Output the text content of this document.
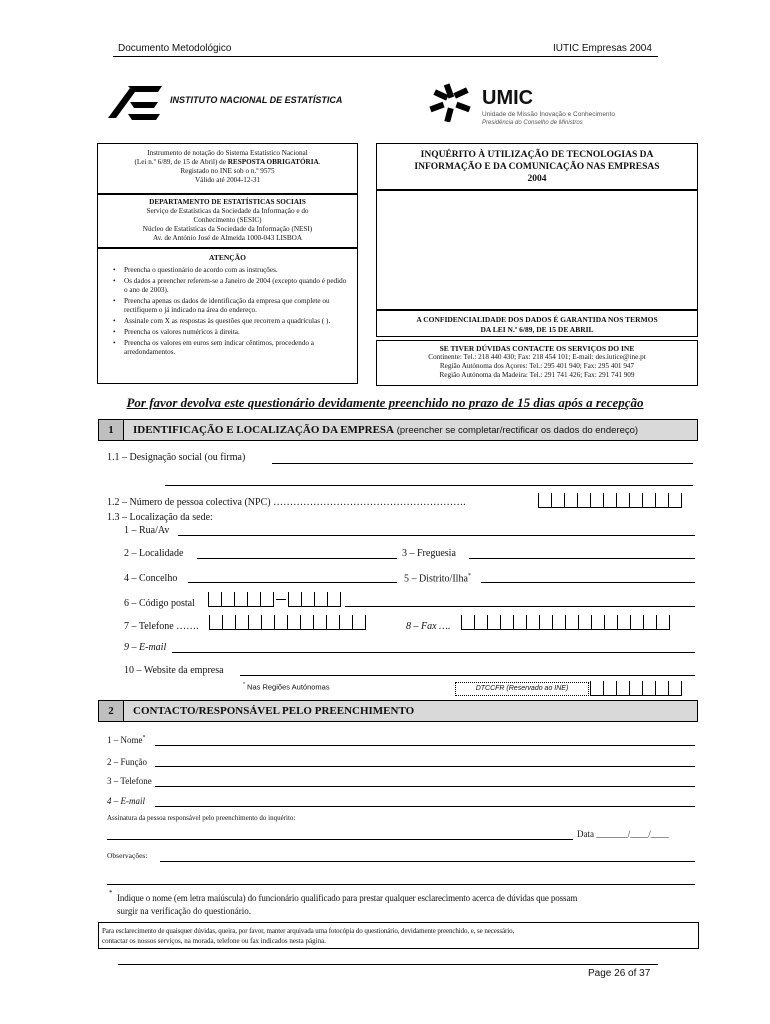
Documento Metodológico	IUTIC Empresas 2004
INSTITUTO NACIONAL DE ESTATÍSTICA	UMIC
Unidade de Missão Inovação e Conhecimento
Presidência do Conselho de Ministros
Instrumento de notação do Sistema Estatístico Nacional
(Lei n.º 6/89, de 15 de Abril) de RESPOSTA OBRIGATÓRIA.
Registado no INE sob o n.º 9575
Válido até 2004-12-31
DEPARTAMENTO DE ESTATÍSTICAS SOCIAIS
Serviço de Estatísticas da Sociedade da Informação e do
Conhecimento (SESIC)
Núcleo de Estatísticas da Sociedade da Informação (NESI)
Av. de António José de Almeida 1000-043 LISBOA
ATENÇÃO
• Preencha o questionário de acordo com as instruções.
• Os dados a preencher referem-se a Janeiro de 2004 (excepto quando é pedido o ano de 2003).
• Preencha apenas os dados de identificação da empresa que complete ou rectifiquem o já indicado na área do endereço.
• Assinale com X as respostas às questões que recorrem a quadrículas ( ).
• Preencha os valores numéricos à direita.
• Preencha os valores em euros sem indicar cêntimos, procedendo a arredondamentos.
INQUÉRITO À UTILIZAÇÃO DE TECNOLOGIAS DA
INFORMAÇÃO E DA COMUNICAÇÃO NAS EMPRESAS
2004
A CONFIDENCIALIDADE DOS DADOS É GARANTIDA NOS TERMOS
DA LEI N.º 6/89, DE 15 DE ABRIL
SE TIVER DÚVIDAS CONTACTE OS SERVIÇOS DO INE
Continente: Tel.: 218 440 430; Fax: 218 454 101; E-mail: des.iutice@ine.pt
Região Autónoma dos Açores: Tel.: 295 401 940; Fax: 295 401 947
Região Autónoma da Madeira: Tel.: 291 741 426; Fax: 291 741 909
Por favor devolva este questionário devidamente preenchido no prazo de 15 dias após a recepção
1	IDENTIFICAÇÃO E LOCALIZAÇÃO DA EMPRESA (preencher se completar/rectificar os dados do endereço)
1.1 – Designação social (ou firma)
1.2 – Número de pessoa colectiva (NPC) ………………………………………………….
1.3 – Localização da sede:
1 – Rua/Av
2 – Localidade	3 – Freguesia
4 – Concelho	5 – Distrito/Ilha*
6 – Código postal
7 – Telefone …….	8 – Fax ….
9 – E-mail
10 – Website da empresa
* Nas Regiões Autónomas	DTCCFR (Reservado ao INE)
2	CONTACTO/RESPONSÁVEL PELO PREENCHIMENTO
1 – Nome*
2 – Função
3 – Telefone
4 – E-mail
Assinatura da pessoa responsável pelo preenchimento do inquérito:
Data _______/____/____
Observações:
* Indique o nome (em letra maiúscula) do funcionário qualificado para prestar qualquer esclarecimento acerca de dúvidas que possam
surgir na verificação do questionário.
Para esclarecimento de quaisquer dúvidas, queira, por favor, manter arquivada uma fotocópia do questionário, devidamente preenchido, e, se necessário,
contactar os nossos serviços, na morada, telefone ou fax indicados nesta página.
Page 26 of 37
